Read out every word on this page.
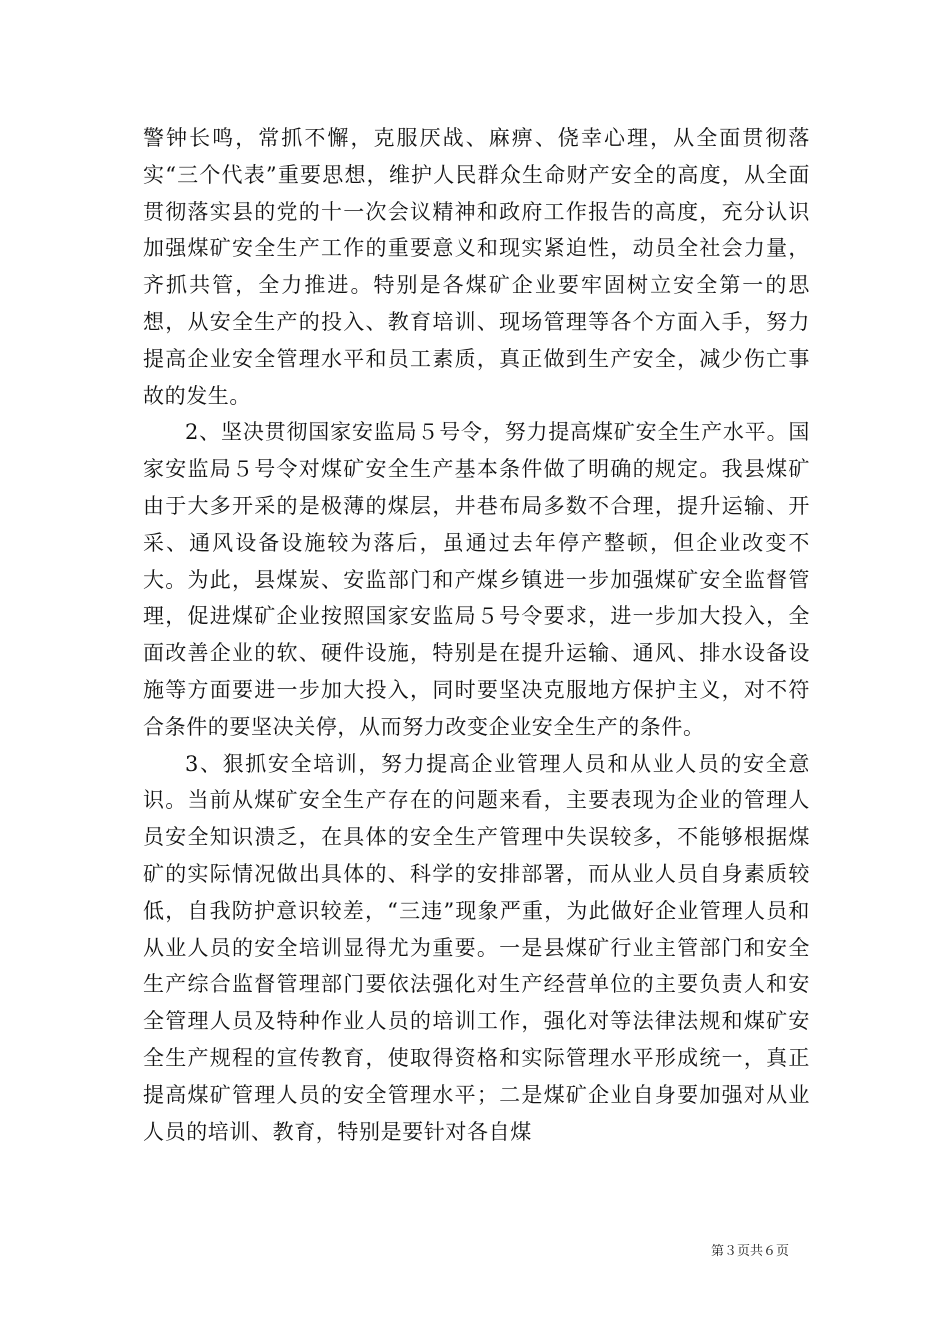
警钟长鸣，常抓不懈，克服厌战、麻痹、侥幸心理，从全面贯彻落实“三个代表”重要思想，维护人民群众生命财产安全的高度，从全面贯彻落实县的党的十一次会议精神和政府工作报告的高度，充分认识加强煤矿安全生产工作的重要意义和现实紧迫性，动员全社会力量，齐抓共管，全力推进。特别是各煤矿企业要牢固树立安全第一的思想，从安全生产的投入、教育培训、现场管理等各个方面入手，努力提高企业安全管理水平和员工素质，真正做到生产安全，减少伤亡事故的发生。

2、坚决贯彻国家安监局５号令，努力提高煤矿安全生产水平。国家安监局５号令对煤矿安全生产基本条件做了明确的规定。我县煤矿由于大多开采的是极薄的煤层，井巷布局多数不合理，提升运输、开采、通风设备设施较为落后，虽通过去年停产整顿，但企业改变不大。为此，县煤炭、安监部门和产煤乡镇进一步加强煤矿安全监督管理，促进煤矿企业按照国家安监局５号令要求，进一步加大投入，全面改善企业的软、硬件设施，特别是在提升运输、通风、排水设备设施等方面要进一步加大投入，同时要坚决克服地方保护主义，对不符合条件的要坚决关停，从而努力改变企业安全生产的条件。

3、狠抓安全培训，努力提高企业管理人员和从业人员的安全意识。当前从煤矿安全生产存在的问题来看，主要表现为企业的管理人员安全知识溃乏，在具体的安全生产管理中失误较多，不能够根据煤矿的实际情况做出具体的、科学的安排部署，而从业人员自身素质较低，自我防护意识较差，“三违”现象严重，为此做好企业管理人员和从业人员的安全培训显得尤为重要。一是县煤矿行业主管部门和安全生产综合监督管理部门要依法强化对生产经营单位的主要负责人和安全管理人员及特种作业人员的培训工作，强化对等法律法规和煤矿安全生产规程的宣传教育，使取得资格和实际管理水平形成统一，真正提高煤矿管理人员的安全管理水平；二是煤矿企业自身要加强对从业人员的培训、教育，特别是要针对各自煤

第３页共６页
